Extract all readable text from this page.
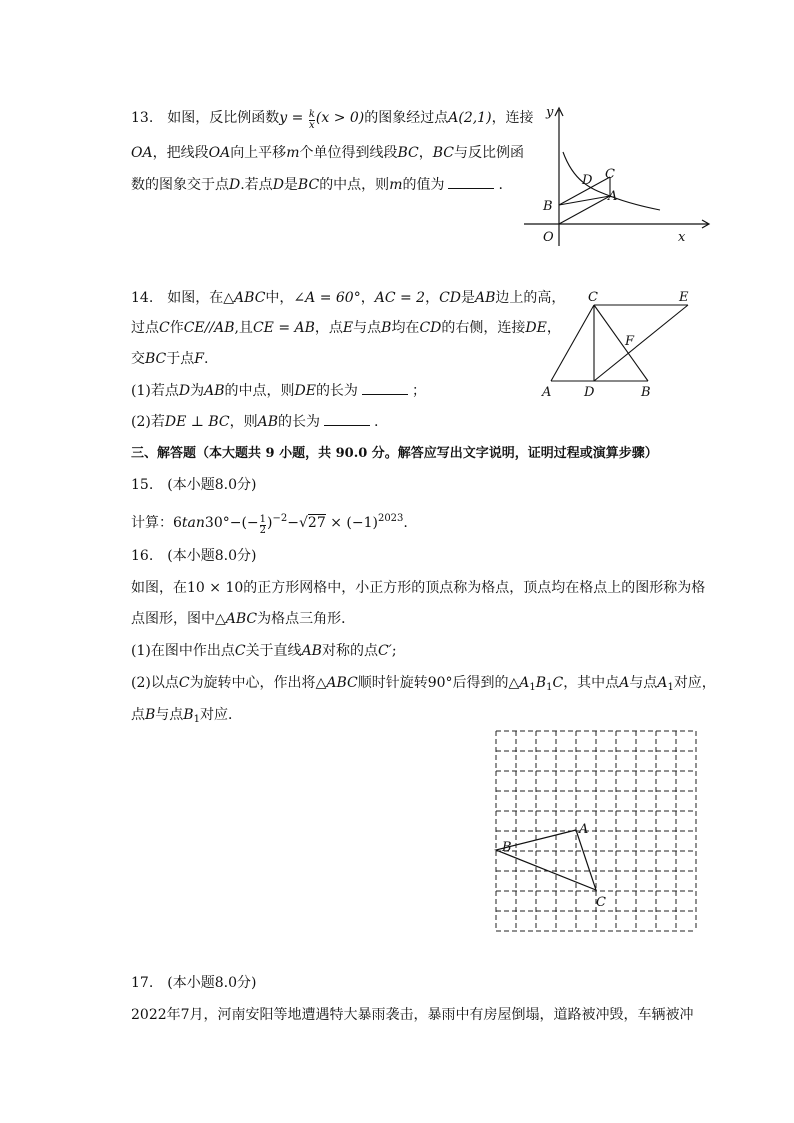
13. 如图，反比例函数$y = \frac{k}{x} (x > 0)$的图象经过点A(2,1)，连接
OA，把线段OA向上平移m个单位得到线段BC，BC与反比例函
数的图象交于点D.若点D是BC的中点，则m的值为	.
y
x
O
B
C
D
A
14. 如图，在△ABC中，∠A = 60°，AC = 2，CD是AB边上的高，
过点C作CE//AB,且CE = AB，点E与点B均在CD的右侧，连接DE，
交BC于点F.
(1)若点D为AB的中点，则DE的长为	；
(2)若DE ⊥ BC，则AB的长为	.
C	E
F
A	D	B
三、解答题（本大题共 9 小题，共 90.0 分。解答应写出文字说明，证明过程或演算步骤）
15. (本小题8.0分)
计算：$6\tan 30^\circ-(- \frac{1}{2} )^{-2}-√27 \times (-1)^{2023}$.
16. (本小题8.0分)
如图，在10 × 10的正方形网格中，小正方形的顶点称为格点，顶点均在格点上的图形称为格
点图形，图中△ABC为格点三角形．
(1)在图中作出点C关于直线AB对称的点C′;
(2)以点C为旋转中心，作出将△ABC顺时针旋转90°后得到的$\triangle A_1B_1C$，其中点A与点$A_1$对应，
点B与点$B_1$对应．
A
B
C
17. (本小题8.0分)
2022年7月，河南安阳等地遭遇特大暴雨袭击，暴雨中有房屋倒塌，道路被冲毁，车辆被冲
